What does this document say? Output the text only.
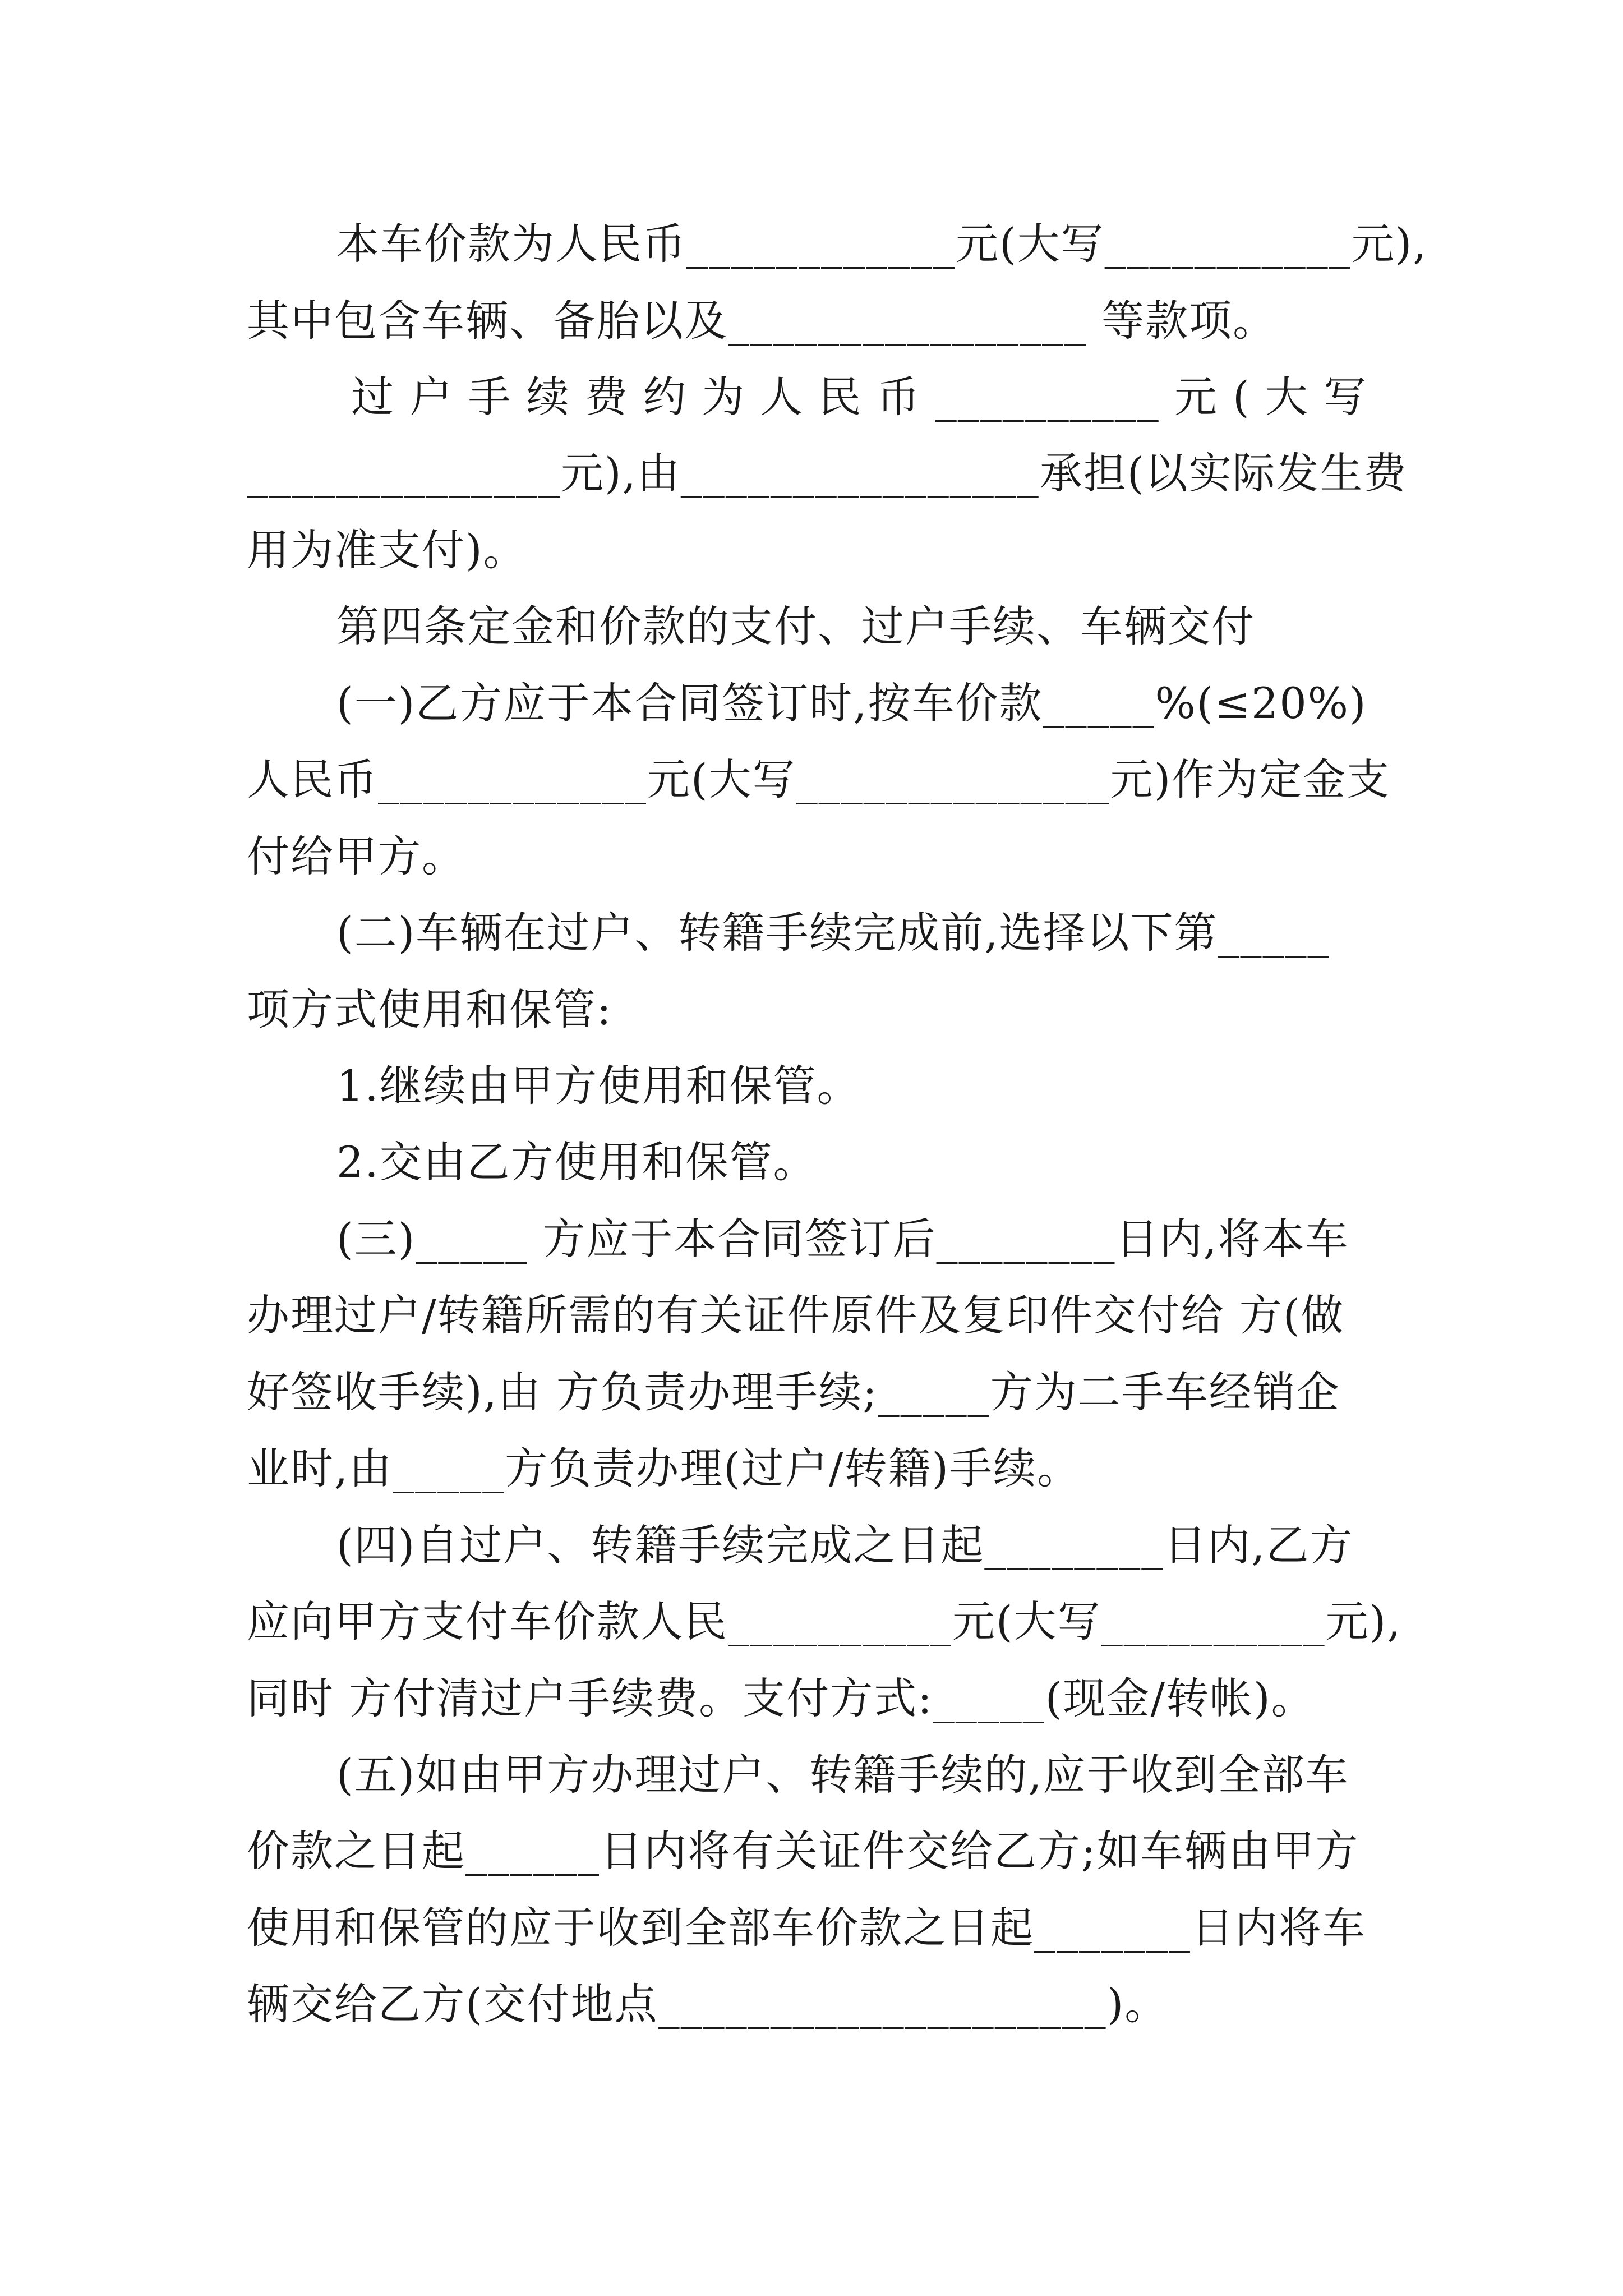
本车价款为人民币____________元(大写___________元),
其中包含车辆、备胎以及________________ 等款项。
过 户 手 续 费 约 为 人 民 币 __________ 元 ( 大 写
______________元),由________________承担(以实际发生费
用为准支付)。
第四条定金和价款的支付、过户手续、车辆交付
(一)乙方应于本合同签订时,按车价款_____%(≤20%)
人民币____________元(大写______________元)作为定金支
付给甲方。
(二)车辆在过户、转籍手续完成前,选择以下第_____
项方式使用和保管:
1.继续由甲方使用和保管。
2.交由乙方使用和保管。
(三)_____ 方应于本合同签订后________日内,将本车
办理过户/转籍所需的有关证件原件及复印件交付给 方(做
好签收手续),由 方负责办理手续;_____方为二手车经销企
业时,由_____方负责办理(过户/转籍)手续。
(四)自过户、转籍手续完成之日起________日内,乙方
应向甲方支付车价款人民__________元(大写__________元),
同时 方付清过户手续费。支付方式:_____(现金/转帐)。
(五)如由甲方办理过户、转籍手续的,应于收到全部车
价款之日起______日内将有关证件交给乙方;如车辆由甲方
使用和保管的应于收到全部车价款之日起_______日内将车
辆交给乙方(交付地点____________________)。
